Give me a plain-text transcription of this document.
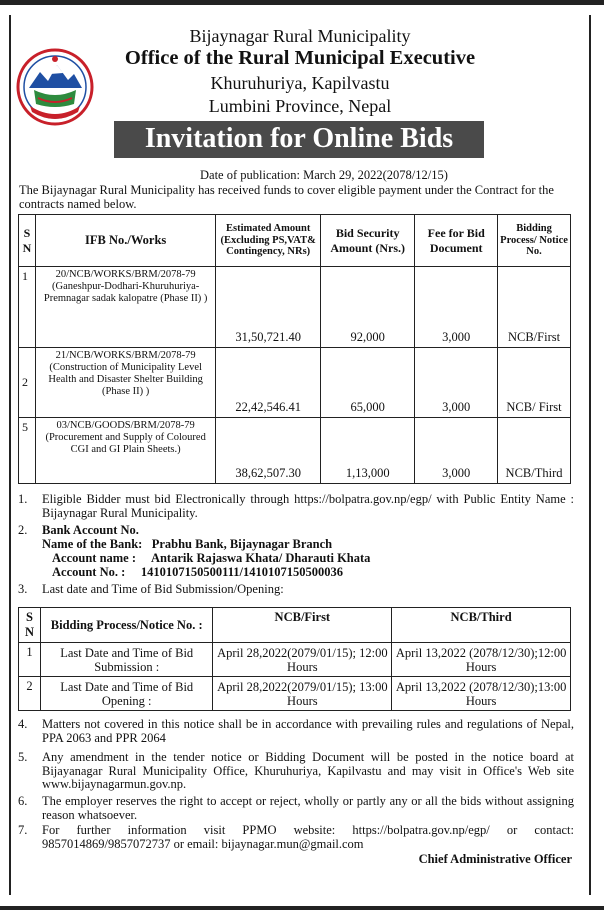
Bijaynagar Rural Municipality
Office of the Rural Municipal Executive
Khuruhuriya, Kapilvastu
Lumbini Province, Nepal
Invitation for Online Bids
Date of publication: March 29, 2022(2078/12/15)
The Bijaynagar Rural Municipality has received funds to cover eligible payment under the Contract for the contracts named below.
S N	IFB No./Works	Estimated Amount (Excluding PS,VAT& Contingency, NRs)	Bid Security Amount (Nrs.)	Fee for Bid Document	Bidding Process/ Notice No.
1	20/NCB/WORKS/BRM/2078-79 (Ganeshpur-Dodhari-Khuruhuriya-Premnagar sadak kalopatre (Phase II) )	31,50,721.40	92,000	3,000	NCB/First
2	21/NCB/WORKS/BRM/2078-79 (Construction of Municipality Level Health and Disaster Shelter Building (Phase II) )	22,42,546.41	65,000	3,000	NCB/ First
5	03/NCB/GOODS/BRM/2078-79 (Procurement and Supply of Coloured CGI and GI Plain Sheets.)	38,62,507.30	1,13,000	3,000	NCB/Third
1. Eligible Bidder must bid Electronically through https://bolpatra.gov.np/egp/ with Public Entity Name : Bijaynagar Rural Municipality.
2. Bank Account No.
Name of the Bank: Prabhu Bank, Bijaynagar Branch
Account name : Antarik Rajaswa Khata/ Dharauti Khata
Account No. : 1410107150500111/1410107150500036
3. Last date and Time of Bid Submission/Opening:
S N	Bidding Process/Notice No. :	NCB/First	NCB/Third
1	Last Date and Time of Bid Submission :	April 28,2022(2079/01/15); 12:00 Hours	April 13,2022 (2078/12/30);12:00 Hours
2	Last Date and Time of Bid Opening :	April 28,2022(2079/01/15); 13:00 Hours	April 13,2022 (2078/12/30);13:00 Hours
4. Matters not covered in this notice shall be in accordance with prevailing rules and regulations of Nepal, PPA 2063 and PPR 2064
5. Any amendment in the tender notice or Bidding Document will be posted in the notice board at Bijayanagar Rural Municipality Office, Khuruhuriya, Kapilvastu and may visit in Office's Web site www.bijaynagarmun.gov.np.
6. The employer reserves the right to accept or reject, wholly or partly any or all the bids without assigning reason whatsoever.
7. For further information visit PPMO website: https://bolpatra.gov.np/egp/ or contact: 9857014869/9857072737 or email: bijaynagar.mun@gmail.com
Chief Administrative Officer
